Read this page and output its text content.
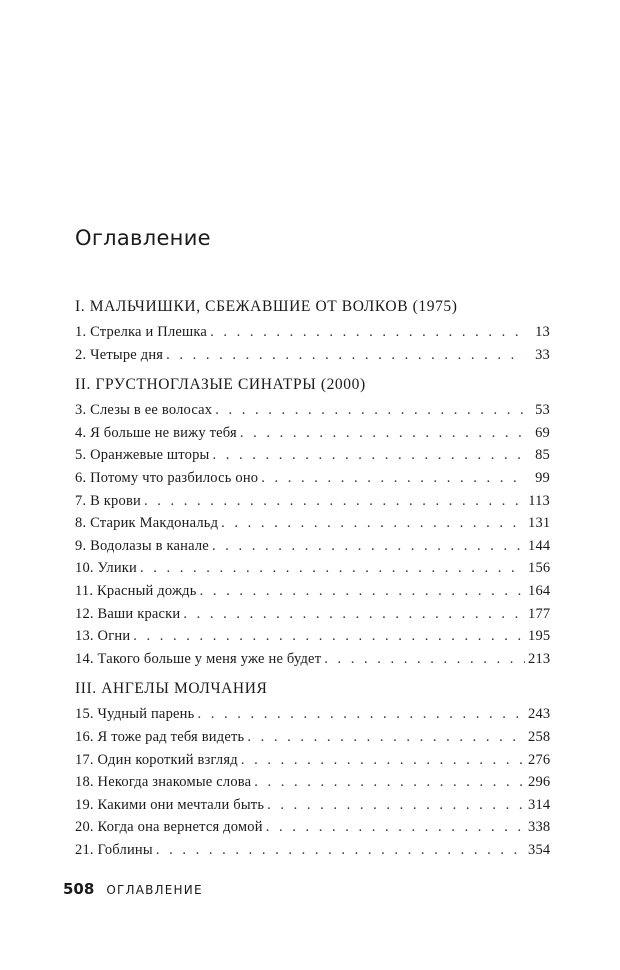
Оглавление
I. МАЛЬЧИШКИ, СБЕЖАВШИЕ ОТ ВОЛКОВ (1975)
1. Стрелка и Плешка . . .	13
2. Четыре дня . . .	33
II. ГРУСТНОГЛАЗЫЕ СИНАТРЫ (2000)
3. Слезы в ее волосах . . .	53
4. Я больше не вижу тебя . . .	69
5. Оранжевые шторы . . .	85
6. Потому что разбилось оно . . .	99
7. В крови . . .	113
8. Старик Макдональд . . .	131
9. Водолазы в канале . . .	144
10. Улики . . .	156
11. Красный дождь . . .	164
12. Ваши краски . . .	177
13. Огни . . .	195
14. Такого больше у меня уже не будет . . .	213
III. АНГЕЛЫ МОЛЧАНИЯ
15. Чудный парень . . .	243
16. Я тоже рад тебя видеть . . .	258
17. Один короткий взгляд . . .	276
18. Некогда знакомые слова . . .	296
19. Какими они мечтали быть . . .	314
20. Когда она вернется домой . . .	338
21. Гоблины . . .	354
508 ОГЛАВЛЕНИЕ
